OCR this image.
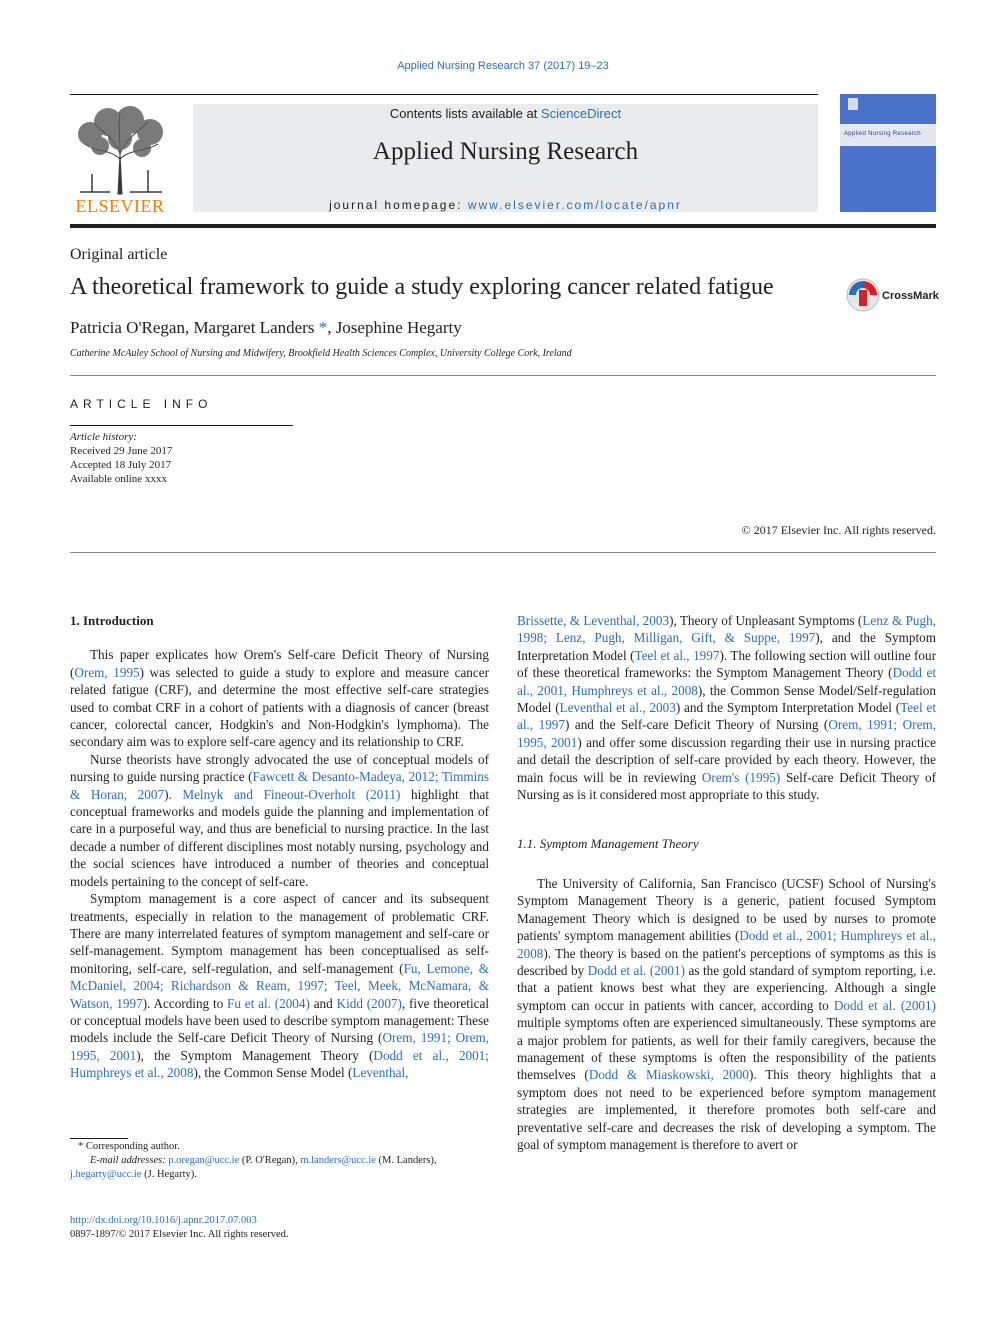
Applied Nursing Research 37 (2017) 19–23
ELSEVIER
Contents lists available at ScienceDirect
Applied Nursing Research
journal homepage: www.elsevier.com/locate/apnr
Applied Nursing Research
Original article
A theoretical framework to guide a study exploring cancer related fatigue	CrossMark
Patricia O'Regan, Margaret Landers *, Josephine Hegarty
Catherine McAuley School of Nursing and Midwifery, Brookfield Health Sciences Complex, University College Cork, Ireland
ARTICLE INFO
Article history:
Received 29 June 2017
Accepted 18 July 2017
Available online xxxx
© 2017 Elsevier Inc. All rights reserved.
1. Introduction

This paper explicates how Orem's Self-care Deficit Theory of Nursing (Orem, 1995) was selected to guide a study to explore and measure cancer related fatigue (CRF), and determine the most effective self-care strategies used to combat CRF in a cohort of patients with a diagnosis of cancer (breast cancer, colorectal cancer, Hodgkin's and Non-Hodgkin's lymphoma). The secondary aim was to explore self-care agency and its relationship to CRF.

Nurse theorists have strongly advocated the use of conceptual models of nursing to guide nursing practice (Fawcett & Desanto-Madeya, 2012; Timmins & Horan, 2007). Melnyk and Fineout-Overholt (2011) highlight that conceptual frameworks and models guide the planning and implementation of care in a purposeful way, and thus are beneficial to nursing practice. In the last decade a number of different disciplines most notably nursing, psychology and the social sciences have introduced a number of theories and conceptual models pertaining to the concept of self-care.

Symptom management is a core aspect of cancer and its subsequent treatments, especially in relation to the management of problematic CRF. There are many interrelated features of symptom management and self-care or self-management. Symptom management has been conceptualised as self-monitoring, self-care, self-regulation, and self-management (Fu, Lemone, & McDaniel, 2004; Richardson & Ream, 1997; Teel, Meek, McNamara, & Watson, 1997). According to Fu et al. (2004) and Kidd (2007), five theoretical or conceptual models have been used to describe symptom management: These models include the Self-care Deficit Theory of Nursing (Orem, 1991; Orem, 1995, 2001), the Symptom Management Theory (Dodd et al., 2001; Humphreys et al., 2008), the Common Sense Model (Leventhal,

Brissette, & Leventhal, 2003), Theory of Unpleasant Symptoms (Lenz & Pugh, 1998; Lenz, Pugh, Milligan, Gift, & Suppe, 1997), and the Symptom Interpretation Model (Teel et al., 1997). The following section will outline four of these theoretical frameworks: the Symptom Management Theory (Dodd et al., 2001, Humphreys et al., 2008), the Common Sense Model/Self-regulation Model (Leventhal et al., 2003) and the Symptom Interpretation Model (Teel et al., 1997) and the Self-care Deficit Theory of Nursing (Orem, 1991; Orem, 1995, 2001) and offer some discussion regarding their use in nursing practice and detail the description of self-care provided by each theory. However, the main focus will be in reviewing Orem's (1995) Self-care Deficit Theory of Nursing as is it considered most appropriate to this study.

1.1. Symptom Management Theory

The University of California, San Francisco (UCSF) School of Nursing's Symptom Management Theory is a generic, patient focused Symptom Management Theory which is designed to be used by nurses to promote patients' symptom management abilities (Dodd et al., 2001; Humphreys et al., 2008). The theory is based on the patient's perceptions of symptoms as this is described by Dodd et al. (2001) as the gold standard of symptom reporting, i.e. that a patient knows best what they are experiencing. Although a single symptom can occur in patients with cancer, according to Dodd et al. (2001) multiple symptoms often are experienced simultaneously. These symptoms are a major problem for patients, as well for their family caregivers, because the management of these symptoms is often the responsibility of the patients themselves (Dodd & Miaskowski, 2000). This theory highlights that a symptom does not need to be experienced before symptom management strategies are implemented, it therefore promotes both self-care and preventative self-care and decreases the risk of developing a symptom. The goal of symptom management is therefore to avert or

* Corresponding author.
E-mail addresses: p.oregan@ucc.ie (P. O'Regan), m.landers@ucc.ie (M. Landers),
j.hegarty@ucc.ie (J. Hegarty).
http://dx.doi.org/10.1016/j.apnr.2017.07.003
0897-1897/© 2017 Elsevier Inc. All rights reserved.
